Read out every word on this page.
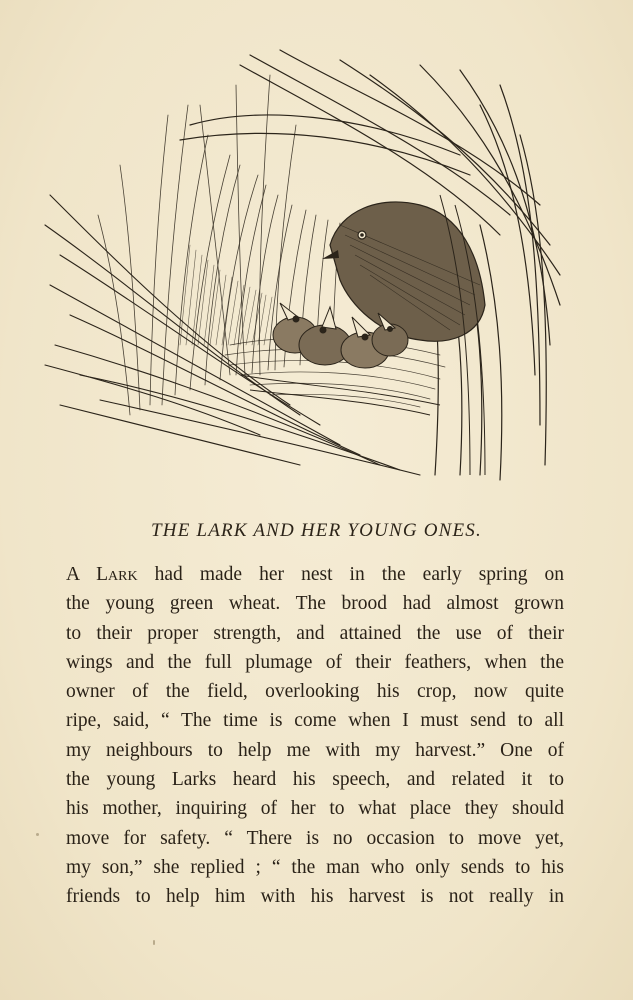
THE LARK AND HER YOUNG ONES.
A Lark had made her nest in the early spring on
the young green wheat. The brood had almost grown
to their proper strength, and attained the use of their
wings and the full plumage of their feathers, when the
owner of the field, overlooking his crop, now quite
ripe, said, “ The time is come when I must send to all
my neighbours to help me with my harvest.” One of
the young Larks heard his speech, and related it to
his mother, inquiring of her to what place they should
move for safety. “ There is no occasion to move yet,
my son,” she replied ; “ the man who only sends to his
friends to help him with his harvest is not really in
